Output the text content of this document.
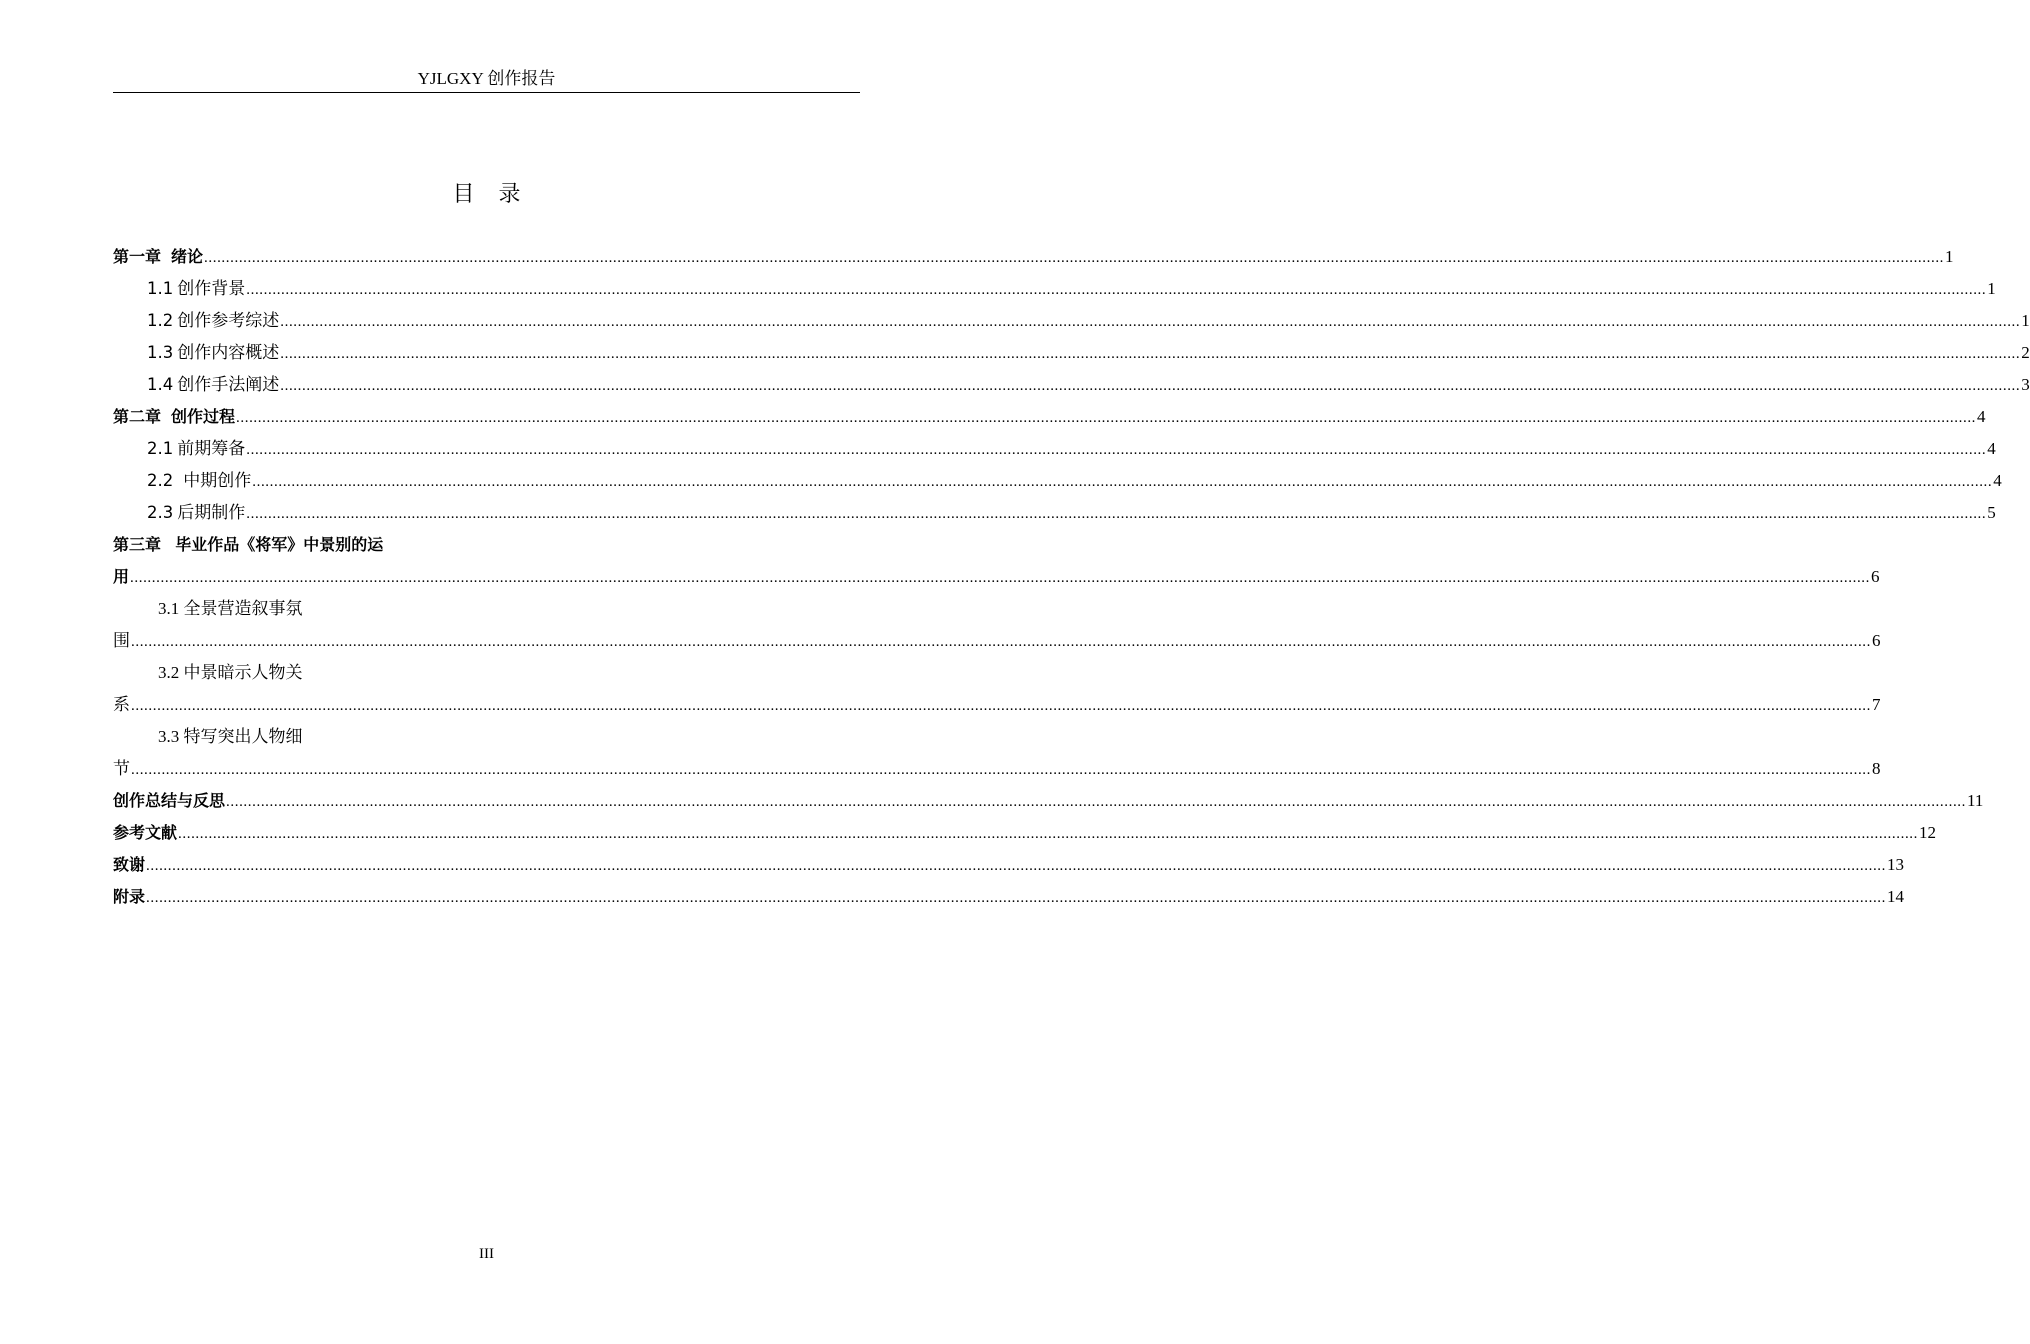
YJLGXY 创作报告
目录
第一章 绪论 ................................................................................................................................................................................................................................................................................................................................................................................................................ 1
1.1 创作背景 ................................................................................................................................................................................................................................................................................................................................................................................................................ 1
1.2 创作参考综述 ................................................................................................................................................................................................................................................................................................................................................................................................................ 1
1.3 创作内容概述 ................................................................................................................................................................................................................................................................................................................................................................................................................ 2
1.4 创作手法阐述 ................................................................................................................................................................................................................................................................................................................................................................................................................ 3
第二章 创作过程 ................................................................................................................................................................................................................................................................................................................................................................................................................ 4
2.1 前期筹备 ................................................................................................................................................................................................................................................................................................................................................................................................................ 4
2.2 中期创作 ................................................................................................................................................................................................................................................................................................................................................................................................................ 4
2.3 后期制作 ................................................................................................................................................................................................................................................................................................................................................................................................................ 5
第三章 毕业作品《将军》中景别的运
用 ................................................................................................................................................................................................................................................................................................................................................................................................................ 6
3.1 全景营造叙事氛
围 ................................................................................................................................................................................................................................................................................................................................................................................................................ 6
3.2 中景暗示人物关
系 ................................................................................................................................................................................................................................................................................................................................................................................................................ 7
3.3 特写突出人物细
节 ................................................................................................................................................................................................................................................................................................................................................................................................................ 8
创作总结与反思 ................................................................................................................................................................................................................................................................................................................................................................................................................ 11
参考文献 ................................................................................................................................................................................................................................................................................................................................................................................................................ 12
致谢 ................................................................................................................................................................................................................................................................................................................................................................................................................ 13
附录 ................................................................................................................................................................................................................................................................................................................................................................................................................ 14
III
